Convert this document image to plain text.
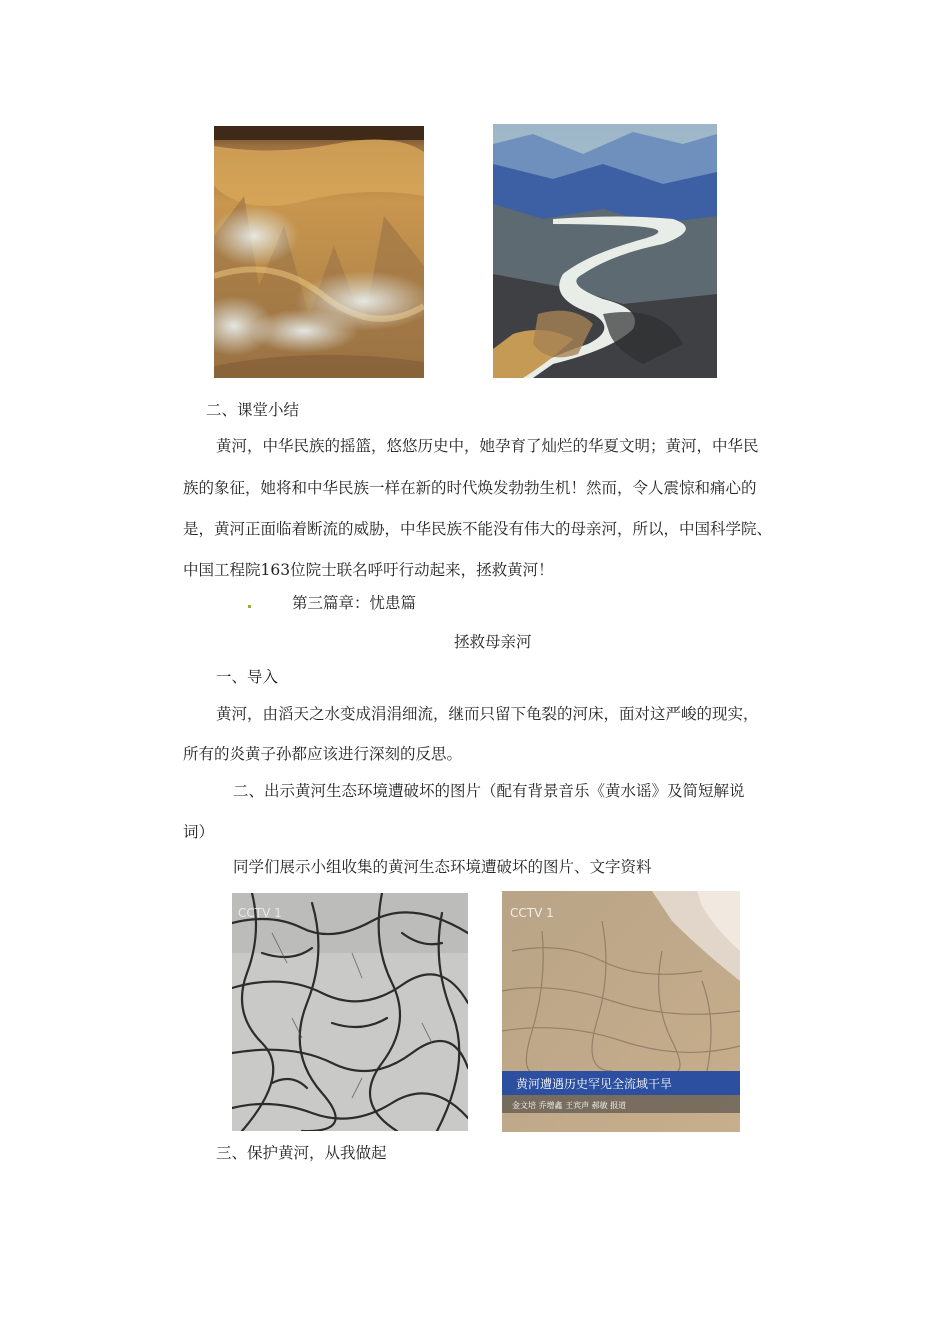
二、课堂小结
黄河，中华民族的摇篮，悠悠历史中，她孕育了灿烂的华夏文明；黄河，中华民
族的象征，她将和中华民族一样在新的时代焕发勃勃生机！然而，令人震惊和痛心的
是，黄河正面临着断流的威胁，中华民族不能没有伟大的母亲河，所以，中国科学院、
中国工程院163位院士联名呼吁行动起来，拯救黄河！
第三篇章：忧患篇
拯救母亲河
一、导入
黄河，由滔天之水变成涓涓细流，继而只留下龟裂的河床，面对这严峻的现实，
所有的炎黄子孙都应该进行深刻的反思。
二、出示黄河生态环境遭破坏的图片（配有背景音乐《黄水谣》及简短解说
词）
同学们展示小组收集的黄河生态环境遭破坏的图片、文字资料
CCTV 1
黄河遭遇历史罕见全流域干旱
金文培 乔增鑫 王宾声 郝敏 报道
CCTV 1
三、保护黄河，从我做起
